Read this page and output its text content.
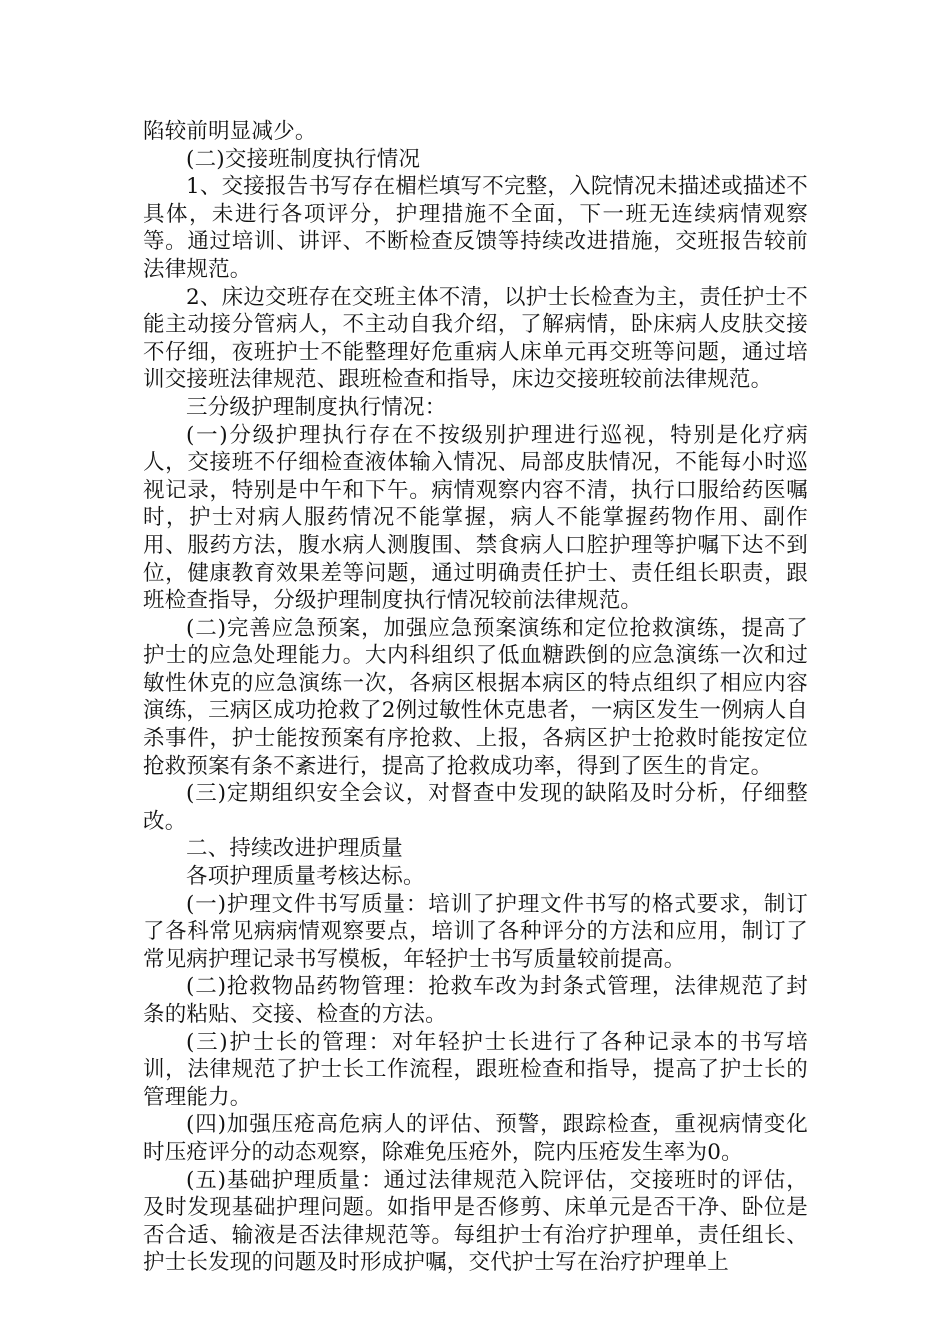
陷较前明显减少。

(二)交接班制度执行情况

1、交接报告书写存在楣栏填写不完整，入院情况未描述或描述不具体，未进行各项评分，护理措施不全面，下一班无连续病情观察等。通过培训、讲评、不断检查反馈等持续改进措施，交班报告较前法律规范。

2、床边交班存在交班主体不清，以护士长检查为主，责任护士不能主动接分管病人，不主动自我介绍，了解病情，卧床病人皮肤交接不仔细，夜班护士不能整理好危重病人床单元再交班等问题，通过培训交接班法律规范、跟班检查和指导，床边交接班较前法律规范。

三分级护理制度执行情况：

(一)分级护理执行存在不按级别护理进行巡视，特别是化疗病人，交接班不仔细检查液体输入情况、局部皮肤情况，不能每小时巡视记录，特别是中午和下午。病情观察内容不清，执行口服给药医嘱时，护士对病人服药情况不能掌握，病人不能掌握药物作用、副作用、服药方法，腹水病人测腹围、禁食病人口腔护理等护嘱下达不到位，健康教育效果差等问题，通过明确责任护士、责任组长职责，跟班检查指导，分级护理制度执行情况较前法律规范。

(二)完善应急预案，加强应急预案演练和定位抢救演练，提高了护士的应急处理能力。大内科组织了低血糖跌倒的应急演练一次和过敏性休克的应急演练一次，各病区根据本病区的特点组织了相应内容演练，三病区成功抢救了2例过敏性休克患者，一病区发生一例病人自杀事件，护士能按预案有序抢救、上报，各病区护士抢救时能按定位抢救预案有条不紊进行，提高了抢救成功率，得到了医生的肯定。

(三)定期组织安全会议，对督查中发现的缺陷及时分析，仔细整改。

二、持续改进护理质量

各项护理质量考核达标。

(一)护理文件书写质量：培训了护理文件书写的格式要求，制订了各科常见病病情观察要点，培训了各种评分的方法和应用，制订了常见病护理记录书写模板，年轻护士书写质量较前提高。

(二)抢救物品药物管理：抢救车改为封条式管理，法律规范了封条的粘贴、交接、检查的方法。

(三)护士长的管理：对年轻护士长进行了各种记录本的书写培训，法律规范了护士长工作流程，跟班检查和指导，提高了护士长的管理能力。

(四)加强压疮高危病人的评估、预警，跟踪检查，重视病情变化时压疮评分的动态观察，除难免压疮外，院内压疮发生率为0。

(五)基础护理质量：通过法律规范入院评估，交接班时的评估，及时发现基础护理问题。如指甲是否修剪、床单元是否干净、卧位是否合适、输液是否法律规范等。每组护士有治疗护理单，责任组长、护士长发现的问题及时形成护嘱，交代护士写在治疗护理单上
